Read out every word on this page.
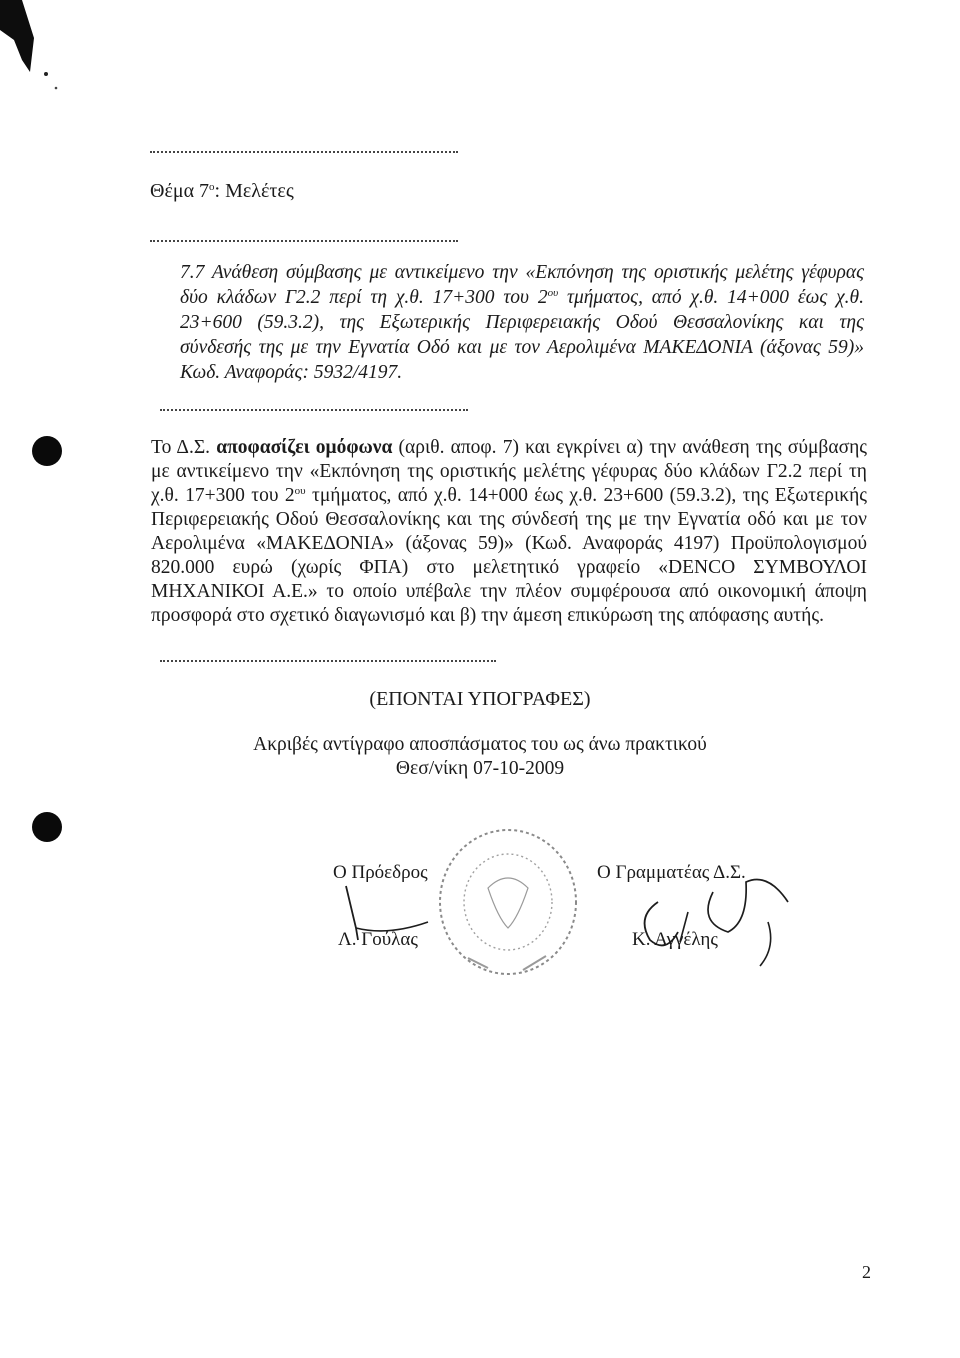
Θέμα $7^o$: Μελέτες
7.7 Ανάθεση σύμβασης με αντικείμενο την «Εκπόνηση της οριστικής μελέτης γέφυρας
δύο κλάδων Γ2.2 περί τη χ.θ. 17+300 του $2^{o\upsilon}$ τμήματος, από χ.θ. 14+000 έως χ.θ.
23+600 (59.3.2), της Εξωτερικής Περιφερειακής Οδού Θεσσαλονίκης και της
σύνδεσής της με την Εγνατία Οδό και με τον Αερολιμένα ΜΑΚΕΔΟΝΙΑ (άξονας 59)»
Κωδ. Αναφοράς: 5932/4197.
Το Δ.Σ. αποφασίζει ομόφωνα (αριθ. αποφ. 7) και εγκρίνει α) την ανάθεση της σύμβασης
με αντικείμενο την «Εκπόνηση της οριστικής μελέτης γέφυρας δύο κλάδων Γ2.2 περί τη
χ.θ. 17+300 του $2^{o\upsilon}$ τμήματος, από χ.θ. 14+000 έως χ.θ. 23+600 (59.3.2), της Εξωτερικής
Περιφερειακής Οδού Θεσσαλονίκης και της σύνδεσή της με την Εγνατία οδό και με τον
Αερολιμένα «ΜΑΚΕΔΟΝΙΑ» (άξονας 59)» (Κωδ. Αναφοράς 4197) Προϋπολογισμού
820.000 ευρώ (χωρίς ΦΠΑ) στο μελετητικό γραφείο «DENCO ΣΥΜΒΟΥΛΟΙ
ΜΗΧΑΝΙΚΟΙ Α.Ε.» το οποίο υπέβαλε την πλέον συμφέρουσα από οικονομική άποψη
προσφορά στο σχετικό διαγωνισμό και β) την άμεση επικύρωση της απόφασης αυτής.
(ΕΠΟΝΤΑΙ ΥΠΟΓΡΑΦΕΣ)
Ακριβές αντίγραφο αποσπάσματος του ως άνω πρακτικού
Θεσ/νίκη 07-10-2009
Ο Πρόεδρος
Λ. Γούλας
Ο Γραμματέας Δ.Σ.
Κ. Αγγέλης
2
